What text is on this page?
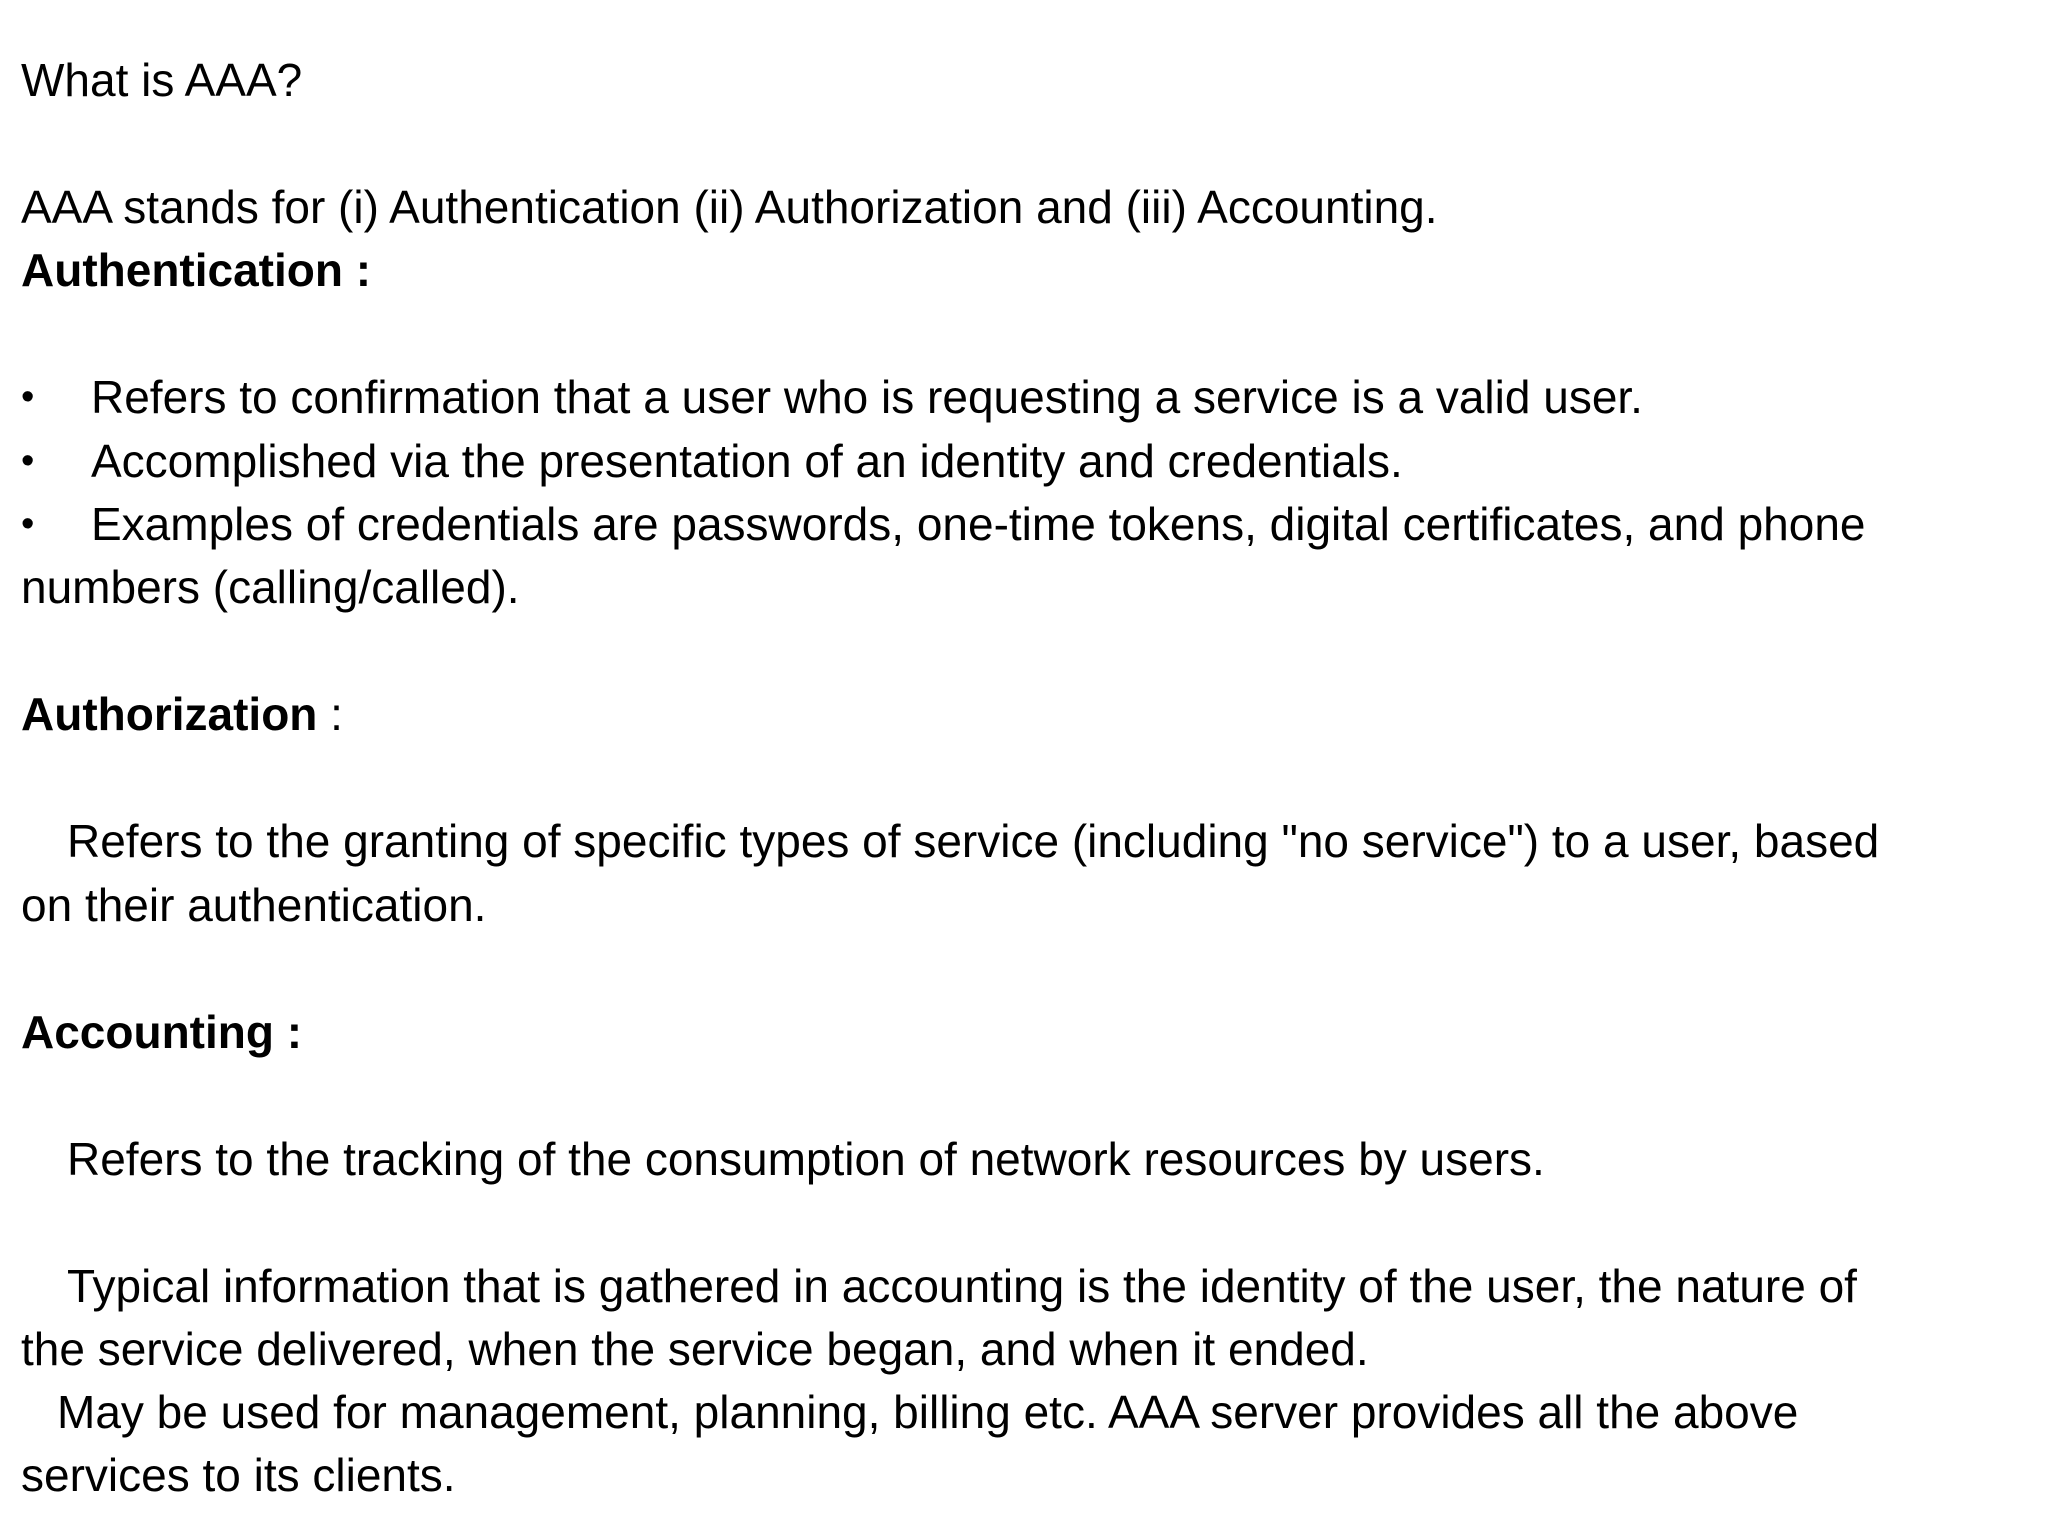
What is AAA?
AAA stands for (i) Authentication (ii) Authorization and (iii) Accounting.
Authentication :
• Refers to confirmation that a user who is requesting a service is a valid user.
• Accomplished via the presentation of an identity and credentials.
• Examples of credentials are passwords, one-time tokens, digital certificates, and phone
numbers (calling/called).
Authorization :
Refers to the granting of specific types of service (including "no service") to a user, based
on their authentication.
Accounting :
Refers to the tracking of the consumption of network resources by users.
Typical information that is gathered in accounting is the identity of the user, the nature of
the service delivered, when the service began, and when it ended.
May be used for management, planning, billing etc. AAA server provides all the above
services to its clients.
